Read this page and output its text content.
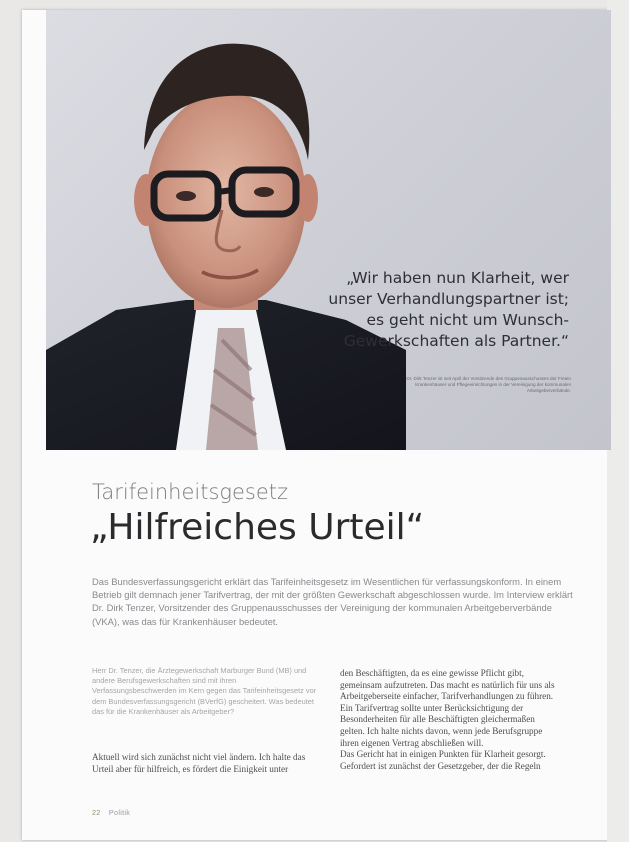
„Wir haben nun Klarheit, wer unser Verhandlungspartner ist; es geht nicht um Wunsch-Gewerkschaften als Partner.“
Dr. Dirk Tenzer ist seit April der Vorsitzende des Gruppenausschusses der Freien Krankenhäuser und Pflegeeinrichtungen in der Vereinigung der kommunalen Arbeitgeberverbände.
Tarifeinheitsgesetz
„Hilfreiches Urteil“
Das Bundesverfassungsgericht erklärt das Tarifeinheitsgesetz im Wesentlichen für verfassungskonform. In einem Betrieb gilt demnach jener Tarifvertrag, der mit der größten Gewerkschaft abgeschlossen wurde. Im Interview erklärt Dr. Dirk Tenzer, Vorsitzender des Gruppenausschusses der Vereinigung der kommunalen Arbeitgeberverbände (VKA), was das für Krankenhäuser bedeutet.
Herr Dr. Tenzer, die Ärztegewerkschaft Marburger Bund (MB) und andere Berufsgewerkschaften sind mit ihren Verfassungsbeschwerden im Kern gegen das Tarifeinheitsgesetz vor dem Bundesverfassungsgericht (BVerfG) gescheitert. Was bedeutet das für die Krankenhäuser als Arbeitgeber?
Aktuell wird sich zunächst nicht viel ändern. Ich halte das Urteil aber für hilfreich, es fördert die Einigkeit unter

den Beschäftigten, da es eine gewisse Pflicht gibt, gemeinsam aufzutreten. Das macht es natürlich für uns als Arbeitgeberseite einfacher, Tarifverhandlungen zu führen. Ein Tarifvertrag sollte unter Berücksichtigung der Besonderheiten für alle Beschäftigten gleichermaßen gelten. Ich halte nichts davon, wenn jede Berufsgruppe ihren eigenen Vertrag abschließen will.

Das Gericht hat in einigen Punkten für Klarheit gesorgt. Gefordert ist zunächst der Gesetzgeber, der die Regeln

22 Politik
